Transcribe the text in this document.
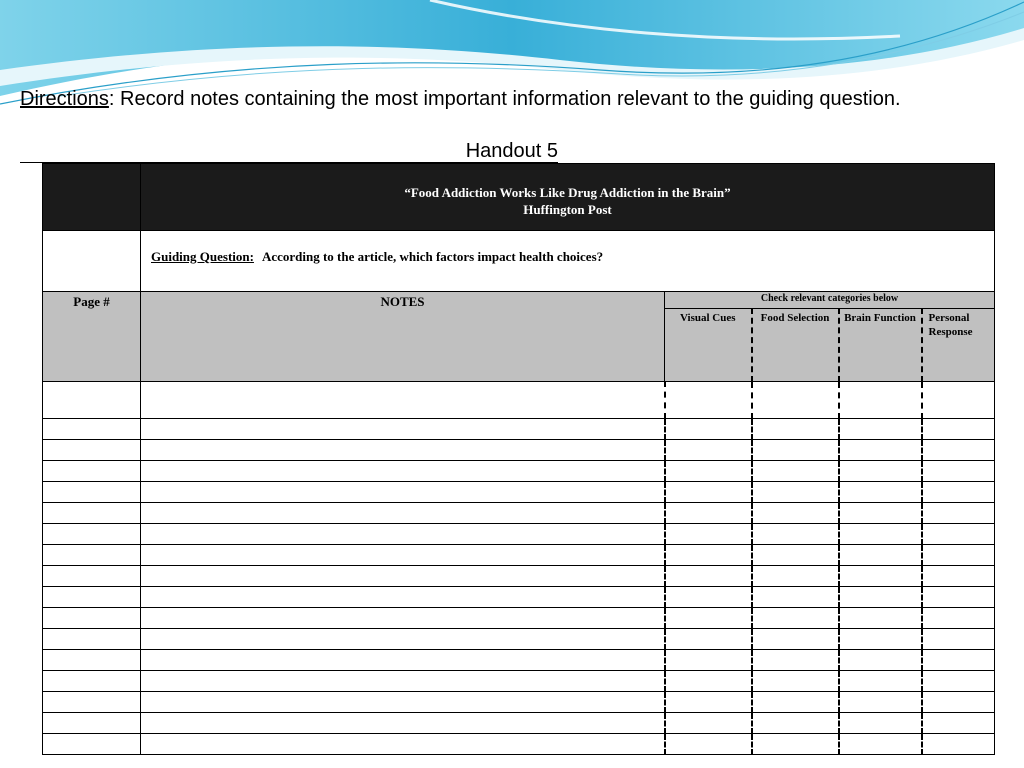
Directions: Record notes containing the most important information relevant to the guiding question.
Handout 5

	“Food Addiction Works Like Drug Addiction in the Brain”
Huffington Post				

	Guiding Question: According to the article, which factors impact health choices?				
Page #	NOTES	Check relevant categories below			
		Visual Cues	Food Selection	Brain Function	Personal Response
